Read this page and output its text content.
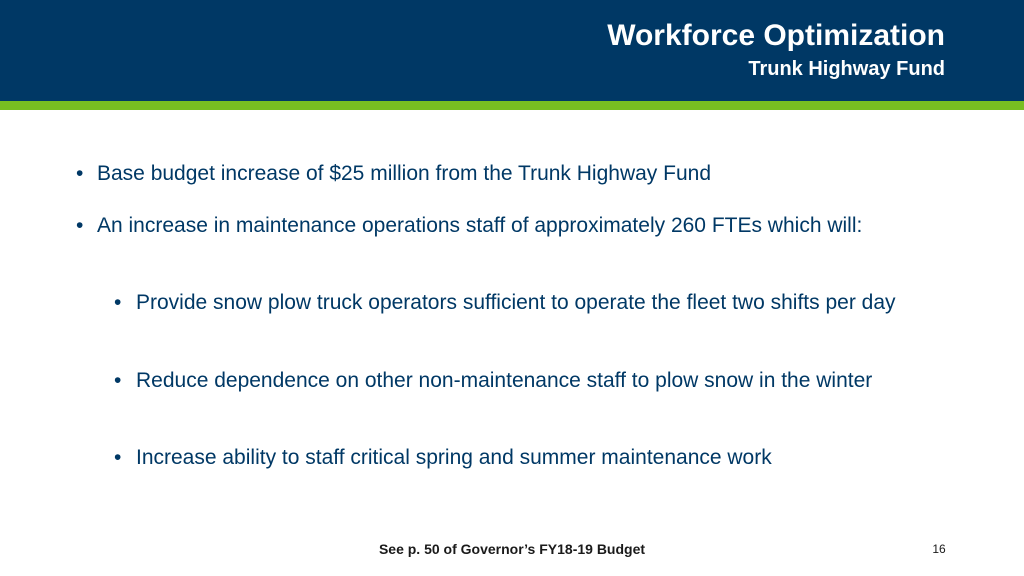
Workforce Optimization
Trunk Highway Fund
• Base budget increase of $25 million from the Trunk Highway Fund
• An increase in maintenance operations staff of approximately 260 FTEs which will:
• Provide snow plow truck operators sufficient to operate the fleet two shifts per day
• Reduce dependence on other non-maintenance staff to plow snow in the winter
• Increase ability to staff critical spring and summer maintenance work
See p. 50 of Governor’s FY18-19 Budget	16
